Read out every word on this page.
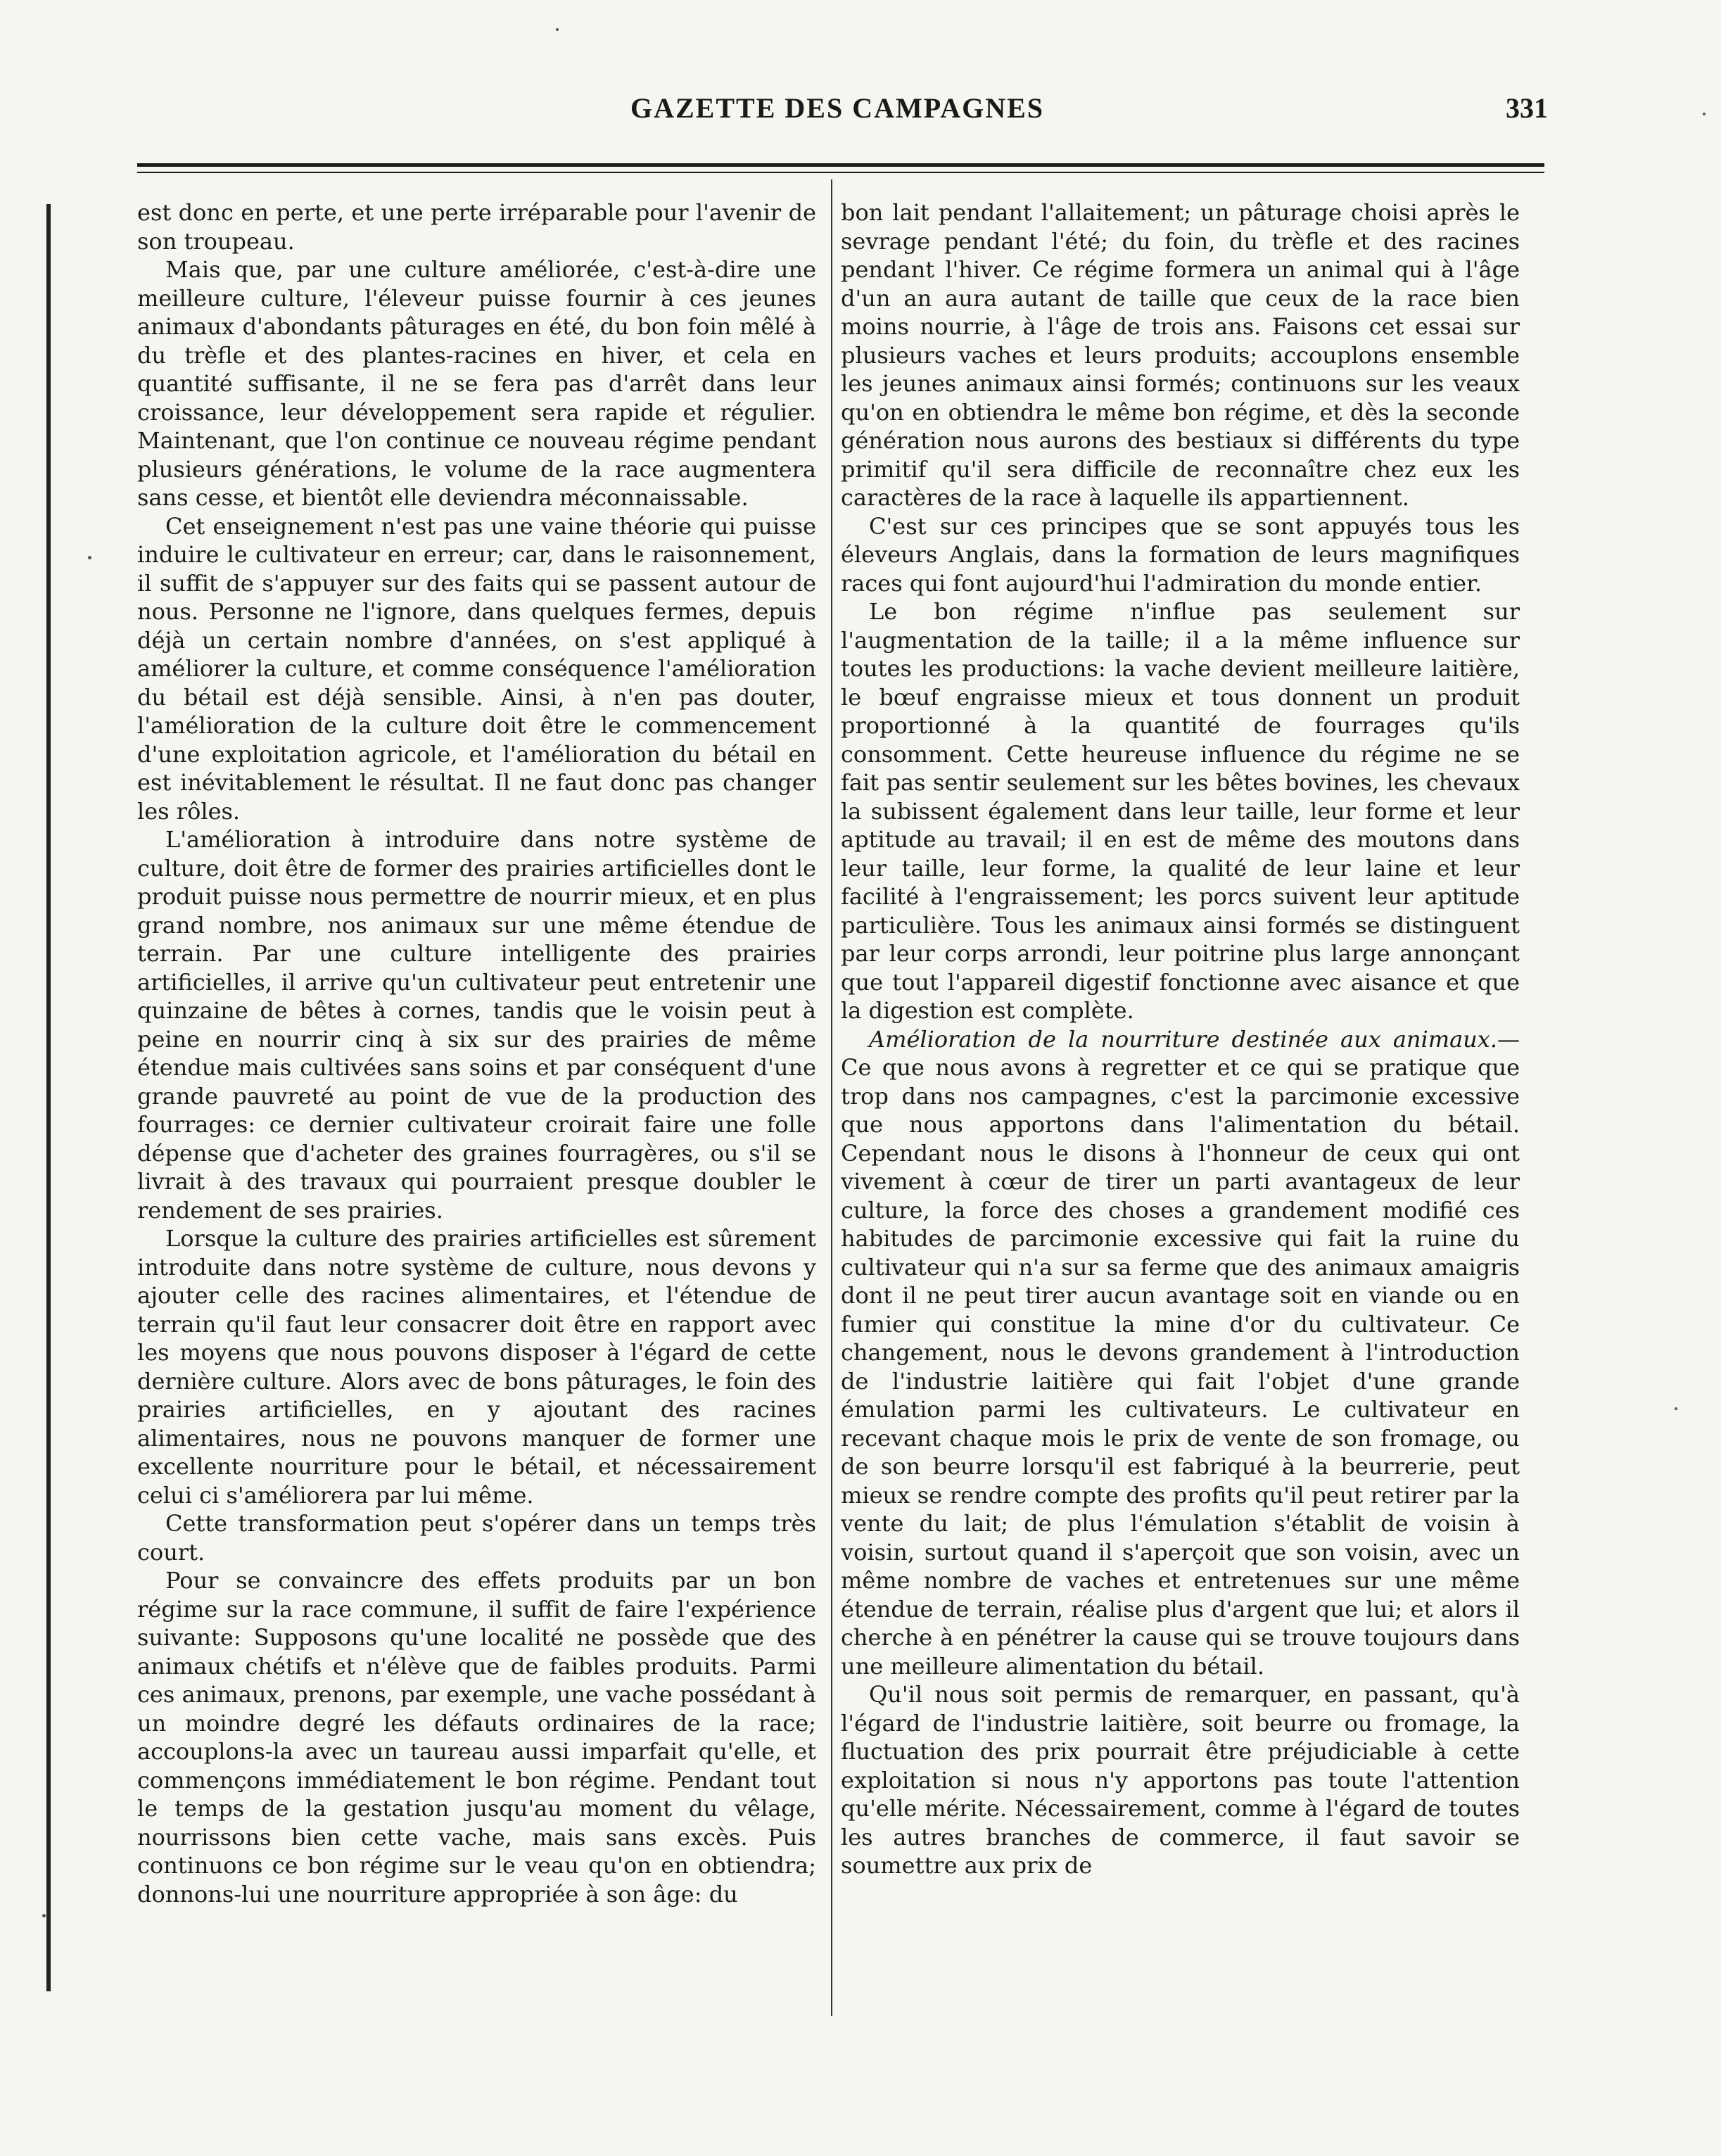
GAZETTE DES CAMPAGNES	331

est donc en perte, et une perte irréparable pour l'avenir de son troupeau.

Mais que, par une culture améliorée, c'est-à-dire une meilleure culture, l'éleveur puisse fournir à ces jeunes animaux d'abondants pâturages en été, du bon foin mêlé à du trèfle et des plantes-racines en hiver, et cela en quantité suffisante, il ne se fera pas d'arrêt dans leur croissance, leur développement sera rapide et régulier. Maintenant, que l'on continue ce nouveau régime pendant plusieurs générations, le volume de la race augmentera sans cesse, et bientôt elle deviendra méconnaissable.

Cet enseignement n'est pas une vaine théorie qui puisse induire le cultivateur en erreur; car, dans le raisonnement, il suffit de s'appuyer sur des faits qui se passent autour de nous. Personne ne l'ignore, dans quelques fermes, depuis déjà un certain nombre d'années, on s'est appliqué à améliorer la culture, et comme conséquence l'amélioration du bétail est déjà sensible. Ainsi, à n'en pas douter, l'amélioration de la culture doit être le commencement d'une exploitation agricole, et l'amélioration du bétail en est inévitablement le résultat. Il ne faut donc pas changer les rôles.

L'amélioration à introduire dans notre système de culture, doit être de former des prairies artificielles dont le produit puisse nous permettre de nourrir mieux, et en plus grand nombre, nos animaux sur une même étendue de terrain. Par une culture intelligente des prairies artificielles, il arrive qu'un cultivateur peut entretenir une quinzaine de bêtes à cornes, tandis que le voisin peut à peine en nourrir cinq à six sur des prairies de même étendue mais cultivées sans soins et par conséquent d'une grande pauvreté au point de vue de la production des fourrages: ce dernier cultivateur croirait faire une folle dépense que d'acheter des graines fourragères, ou s'il se livrait à des travaux qui pourraient presque doubler le rendement de ses prairies.

Lorsque la culture des prairies artificielles est sûrement introduite dans notre système de culture, nous devons y ajouter celle des racines alimentaires, et l'étendue de terrain qu'il faut leur consacrer doit être en rapport avec les moyens que nous pouvons disposer à l'égard de cette dernière culture. Alors avec de bons pâturages, le foin des prairies artificielles, en y ajoutant des racines alimentaires, nous ne pouvons manquer de former une excellente nourriture pour le bétail, et nécessairement celui ci s'améliorera par lui même.

Cette transformation peut s'opérer dans un temps très court.

Pour se convaincre des effets produits par un bon régime sur la race commune, il suffit de faire l'expérience suivante: Supposons qu'une localité ne possède que des animaux chétifs et n'élève que de faibles produits. Parmi ces animaux, prenons, par exemple, une vache possédant à un moindre degré les défauts ordinaires de la race; accouplons-la avec un taureau aussi imparfait qu'elle, et commençons immédiatement le bon régime. Pendant tout le temps de la gestation jusqu'au moment du vêlage, nourrissons bien cette vache, mais sans excès. Puis continuons ce bon régime sur le veau qu'on en obtiendra; donnons-lui une nourriture appropriée à son âge: du

bon lait pendant l'allaitement; un pâturage choisi après le sevrage pendant l'été; du foin, du trèfle et des racines pendant l'hiver. Ce régime formera un animal qui à l'âge d'un an aura autant de taille que ceux de la race bien moins nourrie, à l'âge de trois ans. Faisons cet essai sur plusieurs vaches et leurs produits; accouplons ensemble les jeunes animaux ainsi formés; continuons sur les veaux qu'on en obtiendra le même bon régime, et dès la seconde génération nous aurons des bestiaux si différents du type primitif qu'il sera difficile de reconnaître chez eux les caractères de la race à laquelle ils appartiennent.

C'est sur ces principes que se sont appuyés tous les éleveurs Anglais, dans la formation de leurs magnifiques races qui font aujourd'hui l'admiration du monde entier.

Le bon régime n'influe pas seulement sur l'augmentation de la taille; il a la même influence sur toutes les productions: la vache devient meilleure laitière, le bœuf engraisse mieux et tous donnent un produit proportionné à la quantité de fourrages qu'ils consomment. Cette heureuse influence du régime ne se fait pas sentir seulement sur les bêtes bovines, les chevaux la subissent également dans leur taille, leur forme et leur aptitude au travail; il en est de même des moutons dans leur taille, leur forme, la qualité de leur laine et leur facilité à l'engraissement; les porcs suivent leur aptitude particulière. Tous les animaux ainsi formés se distinguent par leur corps arrondi, leur poitrine plus large annonçant que tout l'appareil digestif fonctionne avec aisance et que la digestion est complète.

Amélioration de la nourriture destinée aux animaux.— Ce que nous avons à regretter et ce qui se pratique que trop dans nos campagnes, c'est la parcimonie excessive que nous apportons dans l'alimentation du bétail. Cependant nous le disons à l'honneur de ceux qui ont vivement à cœur de tirer un parti avantageux de leur culture, la force des choses a grandement modifié ces habitudes de parcimonie excessive qui fait la ruine du cultivateur qui n'a sur sa ferme que des animaux amaigris dont il ne peut tirer aucun avantage soit en viande ou en fumier qui constitue la mine d'or du cultivateur. Ce changement, nous le devons grandement à l'introduction de l'industrie laitière qui fait l'objet d'une grande émulation parmi les cultivateurs. Le cultivateur en recevant chaque mois le prix de vente de son fromage, ou de son beurre lorsqu'il est fabriqué à la beurrerie, peut mieux se rendre compte des profits qu'il peut retirer par la vente du lait; de plus l'émulation s'établit de voisin à voisin, surtout quand il s'aperçoit que son voisin, avec un même nombre de vaches et entretenues sur une même étendue de terrain, réalise plus d'argent que lui; et alors il cherche à en pénétrer la cause qui se trouve toujours dans une meilleure alimentation du bétail.

Qu'il nous soit permis de remarquer, en passant, qu'à l'égard de l'industrie laitière, soit beurre ou fromage, la fluctuation des prix pourrait être préjudiciable à cette exploitation si nous n'y apportons pas toute l'attention qu'elle mérite. Nécessairement, comme à l'égard de toutes les autres branches de commerce, il faut savoir se soumettre aux prix de
